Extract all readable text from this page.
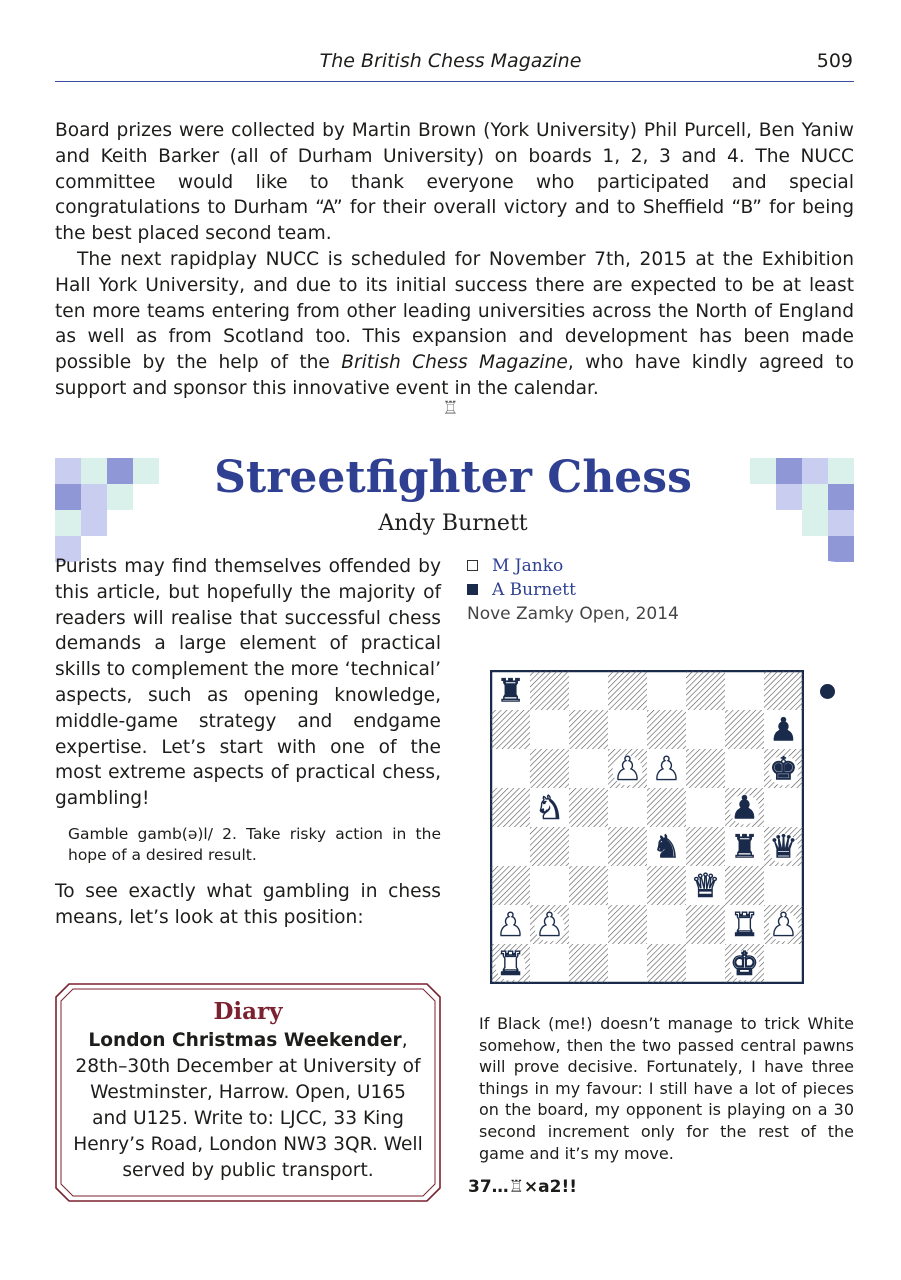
The British Chess Magazine	509

Board prizes were collected by Martin Brown (York University) Phil Purcell, Ben Yaniw and Keith Barker (all of Durham University) on boards 1, 2, 3 and 4. The NUCC committee would like to thank everyone who participated and special congratulations to Durham “A” for their overall victory and to Sheffield “B” for being the best placed second team.

The next rapidplay NUCC is scheduled for November 7th, 2015 at the Exhibition Hall York University, and due to its initial success there are expected to be at least ten more teams entering from other leading universities across the North of England as well as from Scotland too. This expansion and development has been made possible by the help of the British Chess Magazine, who have kindly agreed to support and sponsor this innovative event in the calendar.

♖
Streetfighter Chess
Andy Burnett

Purists may find themselves offended by this article, but hopefully the majority of readers will realise that successful chess demands a large element of practical skills to complement the more ‘technical’ aspects, such as opening knowledge, middle-game strategy and endgame expertise. Let’s start with one of the most extreme aspects of practical chess, gambling!

Gamble gamb(ə)l/ 2. Take risky action in the hope of a desired result.

To see exactly what gambling in chess means, let’s look at this position:

Diary
London Christmas Weekender, 28th–30th December at University of Westminster, Harrow. Open, U165 and U125. Write to: LJCC, 33 King Henry’s Road, London NW3 3QR. Well served by public transport.
M Janko
A Burnett
Nove Zamky Open, 2014
♜
♟
♟ ♟	♚
♞	♟
♞ ♜ ♛
♛
♟ ♟	♜ ♟
♜	♚
If Black (me!) doesn’t manage to trick White somehow, then the two passed central pawns will prove decisive. Fortunately, I have three things in my favour: I still have a lot of pieces on the board, my opponent is playing on a 30 second increment only for the rest of the game and it’s my move.
37…♖×a2!!
